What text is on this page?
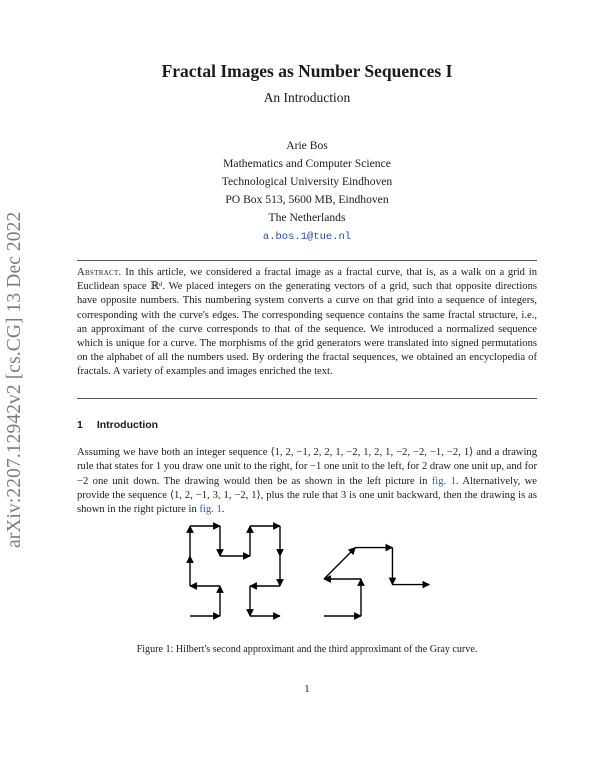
arXiv:2207.12942v2 [cs.CG] 13 Dec 2022
Fractal Images as Number Sequences I
An Introduction
Arie Bos
Mathematics and Computer Science
Technological University Eindhoven
PO Box 513, 5600 MB, Eindhoven
The Netherlands
a.bos.1@tue.nl
Abstract. In this article, we considered a fractal image as a fractal curve, that is, as a walk on a grid in Euclidean space ℝᵈ. We placed integers on the generating vectors of a grid, such that opposite directions have opposite numbers. This numbering system converts a curve on that grid into a sequence of integers, corresponding with the curve's edges. The corresponding sequence contains the same fractal structure, i.e., an approximant of the curve corresponds to that of the sequence. We introduced a normalized sequence which is unique for a curve. The morphisms of the grid generators were translated into signed permutations on the alphabet of all the numbers used. By ordering the fractal sequences, we obtained an encyclopedia of fractals. A variety of examples and images enriched the text.
1 Introduction
Assuming we have both an integer sequence ⟨1, 2, −1, 2, 2, 1, −2, 1, 2, 1, −2, −2, −1, −2, 1⟩ and a drawing rule that states for 1 you draw one unit to the right, for −1 one unit to the left, for 2 draw one unit up, and for −2 one unit down. The drawing would then be as shown in the left picture in fig. 1. Alternatively, we provide the sequence ⟨1, 2, −1, 3, 1, −2, 1⟩, plus the rule that 3 is one unit backward, then the drawing is as shown in the right picture in fig. 1.
Figure 1: Hilbert's second approximant and the third approximant of the Gray curve.
1
